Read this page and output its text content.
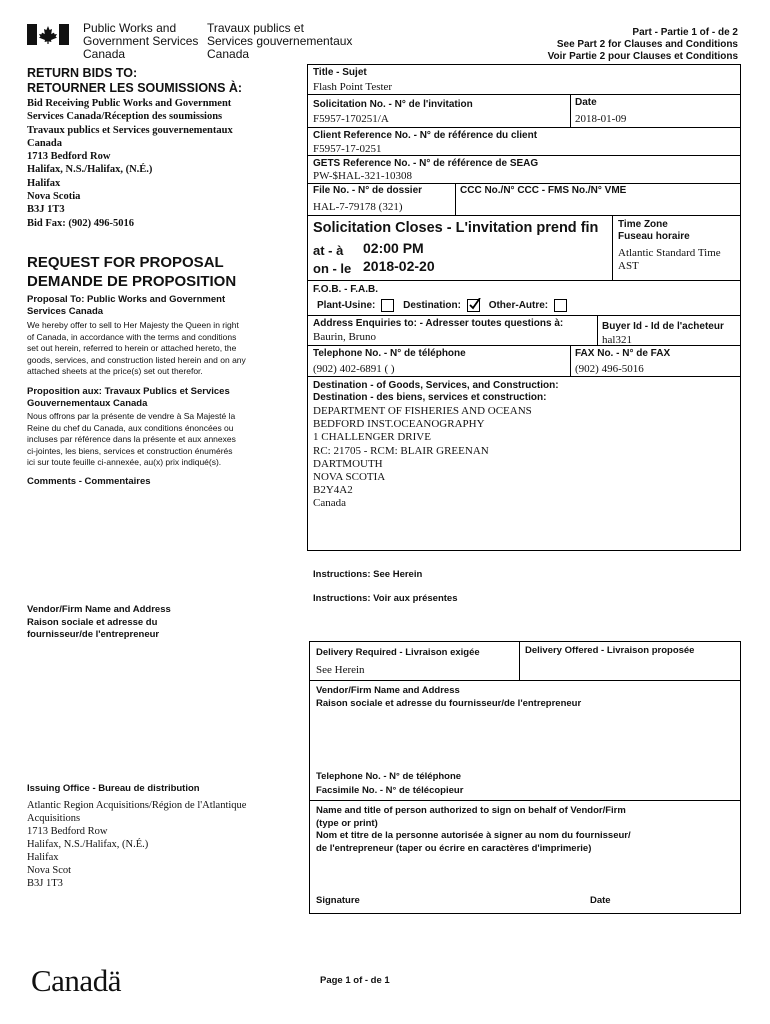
Public Works and
Government Services
Canada
Travaux publics et
Services gouvernementaux
Canada
Part - Partie 1 of - de 2
See Part 2 for Clauses and Conditions
Voir Partie 2 pour Clauses et Conditions
RETURN BIDS TO:
RETOURNER LES SOUMISSIONS À:
Bid Receiving Public Works and Government
Services Canada/Réception des soumissions
Travaux publics et Services gouvernementaux
Canada
1713 Bedford Row
Halifax, N.S./Halifax, (N.É.)
Halifax
Nova Scotia
B3J 1T3
Bid Fax: (902) 496-5016
REQUEST FOR PROPOSAL
DEMANDE DE PROPOSITION
Proposal To: Public Works and Government
Services Canada
We hereby offer to sell to Her Majesty the Queen in right
of Canada, in accordance with the terms and conditions
set out herein, referred to herein or attached hereto, the
goods, services, and construction listed herein and on any
attached sheets at the price(s) set out therefor.
Proposition aux: Travaux Publics et Services
Gouvernementaux Canada
Nous offrons par la présente de vendre à Sa Majesté la
Reine du chef du Canada, aux conditions énoncées ou
incluses par référence dans la présente et aux annexes
ci-jointes, les biens, services et construction énumérés
ici sur toute feuille ci-annexée, au(x) prix indiqué(s).
Comments - Commentaires
Vendor/Firm Name and Address
Raison sociale et adresse du
fournisseur/de l'entrepreneur
Issuing Office - Bureau de distribution
Atlantic Region Acquisitions/Région de l'Atlantique
Acquisitions
1713 Bedford Row
Halifax, N.S./Halifax, (N.É.)
Halifax
Nova Scot
B3J 1T3
Title - Sujet
Flash Point Tester
Solicitation No. - N° de l'invitation
F5957-170251/A
Date
2018-01-09
Client Reference No. - N° de référence du client
F5957-17-0251
GETS Reference No. - N° de référence de SEAG
PW-$HAL-321-10308
File No. - N° de dossier
HAL-7-79178 (321)
CCC No./N° CCC - FMS No./N° VME
Solicitation Closes - L'invitation prend fin
at - à 02:00 PM
on - le 2018-02-20
Time Zone
Fuseau horaire
Atlantic Standard Time
AST
F.O.B. - F.A.B.
Plant-Usine:	Destination:	Other-Autre:
Address Enquiries to: - Adresser toutes questions à:
Baurin, Bruno
Buyer Id - Id de l'acheteur
hal321
Telephone No. - N° de téléphone
(902) 402-6891 ( )
FAX No. - N° de FAX
(902) 496-5016
Destination - of Goods, Services, and Construction:
Destination - des biens, services et construction:
DEPARTMENT OF FISHERIES AND OCEANS
BEDFORD INST.OCEANOGRAPHY
1 CHALLENGER DRIVE
RC: 21705 - RCM: BLAIR GREENAN
DARTMOUTH
NOVA SCOTIA
B2Y4A2
Canada
Instructions: See Herein
Instructions: Voir aux présentes
Delivery Required - Livraison exigée
See Herein
Delivery Offered - Livraison proposée
Vendor/Firm Name and Address
Raison sociale et adresse du fournisseur/de l'entrepreneur
Telephone No. - N° de téléphone
Facsimile No. - N° de télécopieur
Name and title of person authorized to sign on behalf of Vendor/Firm
(type or print)
Nom et titre de la personne autorisée à signer au nom du fournisseur/
de l'entrepreneur (taper ou écrire en caractères d'imprimerie)
Signature	Date
Canadä	Page 1 of - de 1
